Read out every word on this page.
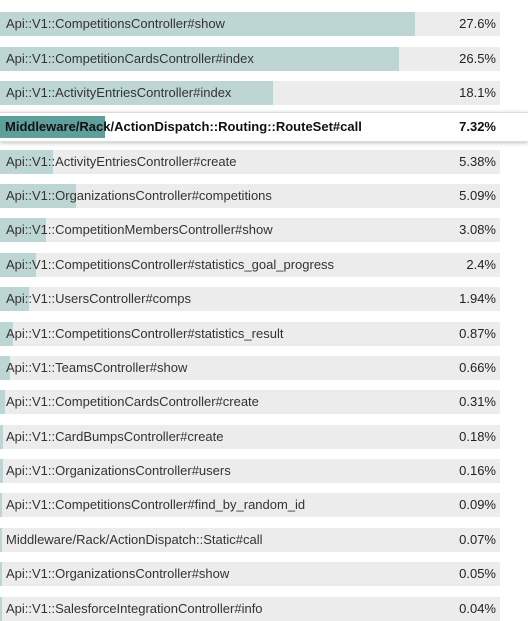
Api::V1::CompetitionsController#show	27.6%
Api::V1::CompetitionCardsController#index	26.5%
Api::V1::ActivityEntriesController#index	18.1%
Middleware/Rack/ActionDispatch::Routing::RouteSet#call	7.32%
Api::V1::ActivityEntriesController#create	5.38%
Api::V1::OrganizationsController#competitions	5.09%
Api::V1::CompetitionMembersController#show	3.08%
Api::V1::CompetitionsController#statistics_goal_progress	2.4%
Api::V1::UsersController#comps	1.94%
Api::V1::CompetitionsController#statistics_result	0.87%
Api::V1::TeamsController#show	0.66%
Api::V1::CompetitionCardsController#create	0.31%
Api::V1::CardBumpsController#create	0.18%
Api::V1::OrganizationsController#users	0.16%
Api::V1::CompetitionsController#find_by_random_id	0.09%
Middleware/Rack/ActionDispatch::Static#call	0.07%
Api::V1::OrganizationsController#show	0.05%
Api::V1::SalesforceIntegrationController#info	0.04%
